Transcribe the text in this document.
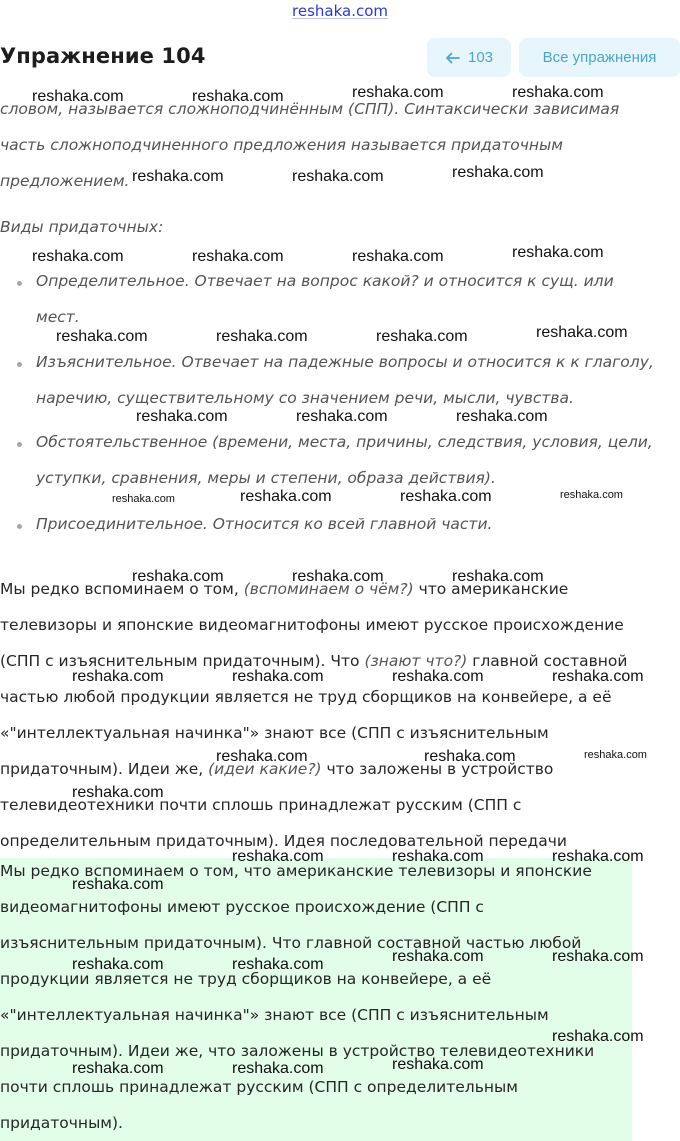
reshaka.com
Упражнение 104	103	Все упражнения
словом, называется сложноподчинённым (СПП). Синтаксически зависимая
часть сложноподчиненного предложения называется придаточным
предложением.
Виды придаточных:
Определительное. Отвечает на вопрос какой? и относится к сущ. или
мест.
Изъяснительное. Отвечает на падежные вопросы и относится к к глаголу,
наречию, существительному со значением речи, мысли, чувства.
Обстоятельственное (времени, места, причины, следствия, условия, цели,
уступки, сравнения, меры и степени, образа действия).
Присоединительное. Относится ко всей главной части.
Мы редко вспоминаем о том, (вспоминаем о чём?) что американские
телевизоры и японские видеомагнитофоны имеют русское происхождение
(СПП с изъяснительным придаточным). Что (знают что?) главной составной
частью любой продукции является не труд сборщиков на конвейере, а её
«"интеллектуальная начинка"» знают все (СПП с изъяснительным
придаточным). Идеи же, (идеи какие?) что заложены в устройство
телевидеотехники почти сплошь принадлежат русским (СПП с
определительным придаточным). Идея последовательной передачи
Мы редко вспоминаем о том, что американские телевизоры и японские
видеомагнитофоны имеют русское происхождение (СПП с
изъяснительным придаточным). Что главной составной частью любой
продукции является не труд сборщиков на конвейере, а её
«"интеллектуальная начинка"» знают все (СПП с изъяснительным
придаточным). Идеи же, что заложены в устройство телевидеотехники
почти сплошь принадлежат русским (СПП с определительным
придаточным).
reshaka.com	reshaka.com	reshaka.com	reshaka.com
reshaka.com	reshaka.com	reshaka.com
reshaka.com	reshaka.com	reshaka.com	reshaka.com
reshaka.com	reshaka.com	reshaka.com	reshaka.com
reshaka.com	reshaka.com	reshaka.com
reshaka.com	reshaka.com	reshaka.com	reshaka.com
reshaka.com	reshaka.com	reshaka.com
reshaka.com	reshaka.com	reshaka.com	reshaka.com
reshaka.com	reshaka.com	reshaka.com
reshaka.com
reshaka.com	reshaka.com	reshaka.com
reshaka.com
reshaka.com	reshaka.com
reshaka.com	reshaka.com
reshaka.com
reshaka.com	reshaka.com	reshaka.com
